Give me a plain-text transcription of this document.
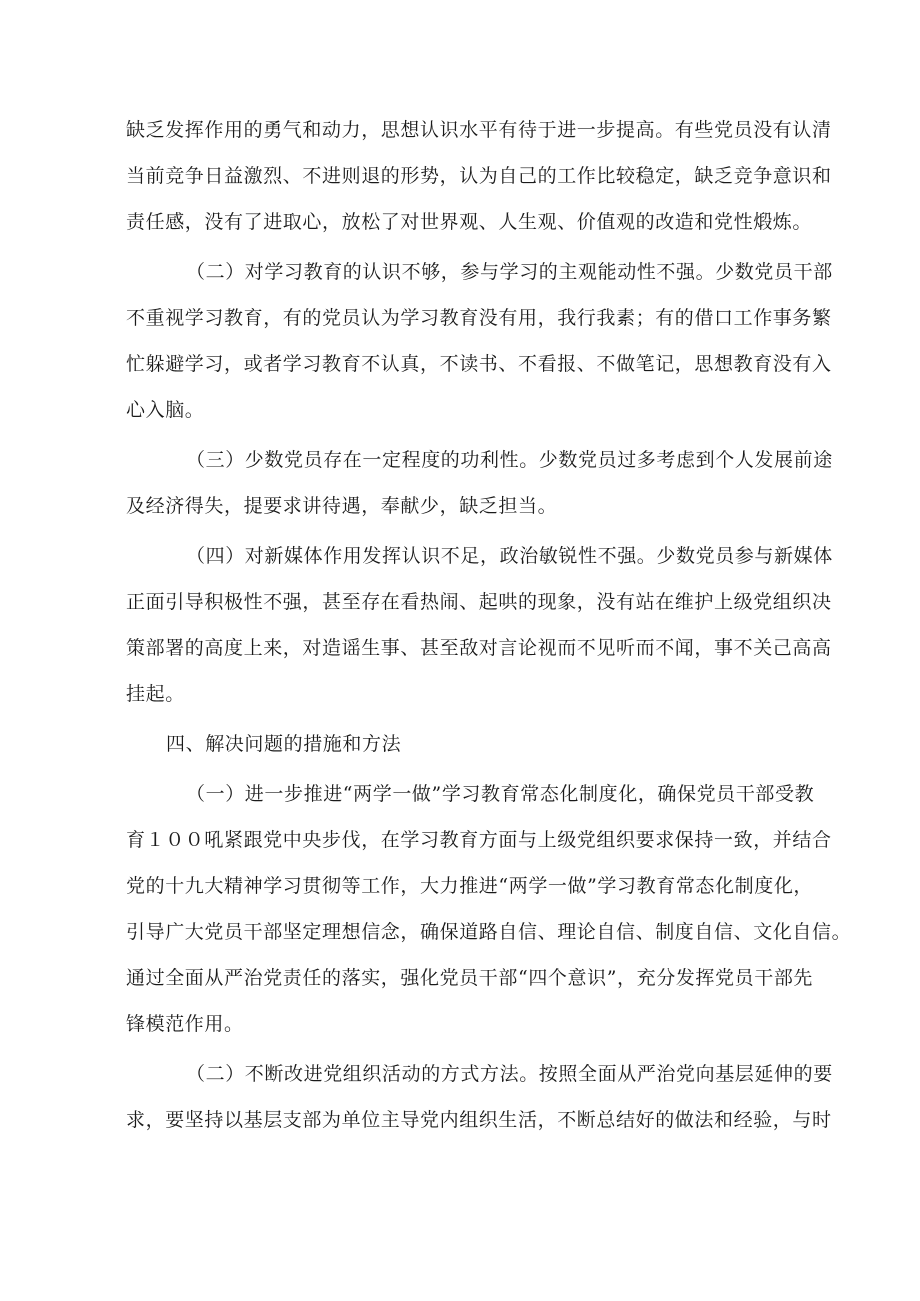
缺乏发挥作用的勇气和动力，思想认识水平有待于进一步提高。有些党员没有认清
当前竞争日益激烈、不进则退的形势，认为自己的工作比较稳定，缺乏竞争意识和
责任感，没有了进取心，放松了对世界观、人生观、价值观的改造和党性煅炼。
（二）对学习教育的认识不够，参与学习的主观能动性不强。少数党员干部
不重视学习教育，有的党员认为学习教育没有用，我行我素；有的借口工作事务繁
忙躲避学习，或者学习教育不认真，不读书、不看报、不做笔记，思想教育没有入
心入脑。
（三）少数党员存在一定程度的功利性。少数党员过多考虑到个人发展前途
及经济得失，提要求讲待遇，奉献少，缺乏担当。
（四）对新媒体作用发挥认识不足，政治敏锐性不强。少数党员参与新媒体
正面引导积极性不强，甚至存在看热闹、起哄的现象，没有站在维护上级党组织决
策部署的高度上来，对造谣生事、甚至敌对言论视而不见听而不闻，事不关己高高
挂起。
四、解决问题的措施和方法
（一）进一步推进“两学一做”学习教育常态化制度化，确保党员干部受教
育１００吼紧跟党中央步伐，在学习教育方面与上级党组织要求保持一致，并结合
党的十九大精神学习贯彻等工作，大力推进“两学一做”学习教育常态化制度化，
引导广大党员干部坚定理想信念，确保道路自信、理论自信、制度自信、文化自信。
通过全面从严治党责任的落实，强化党员干部“四个意识”，充分发挥党员干部先
锋模范作用。
（二）不断改进党组织活动的方式方法。按照全面从严治党向基层延伸的要
求，要坚持以基层支部为单位主导党内组织生活，不断总结好的做法和经验，与时
